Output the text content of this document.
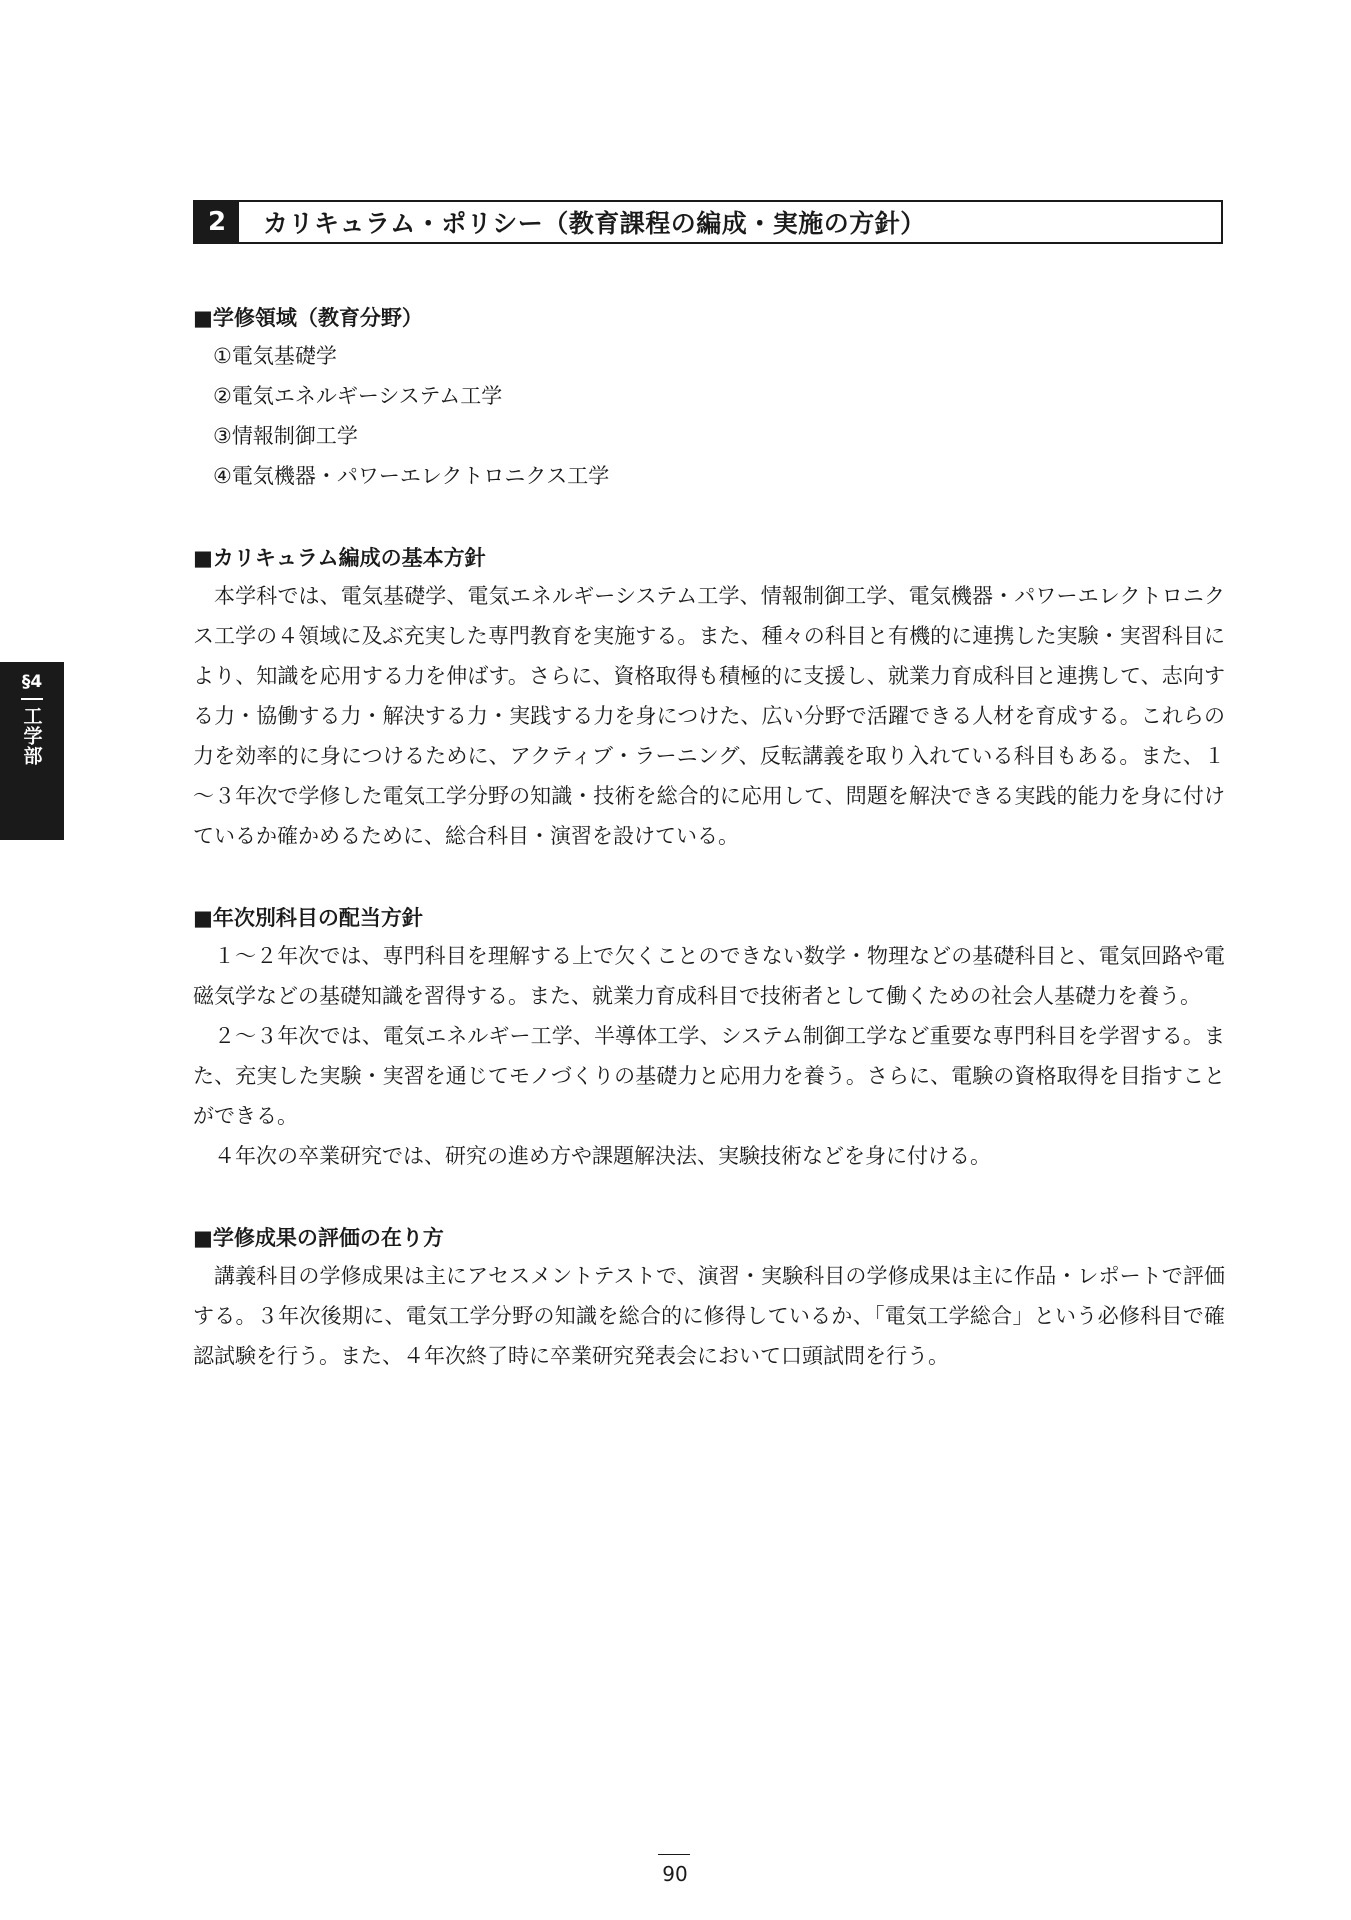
2	カリキュラム・ポリシー（教育課程の編成・実施の方針）
§4
工学部
■学修領域（教育分野）
①電気基礎学
②電気エネルギーシステム工学
③情報制御工学
④電気機器・パワーエレクトロニクス工学
■カリキュラム編成の基本方針

本学科では、電気基礎学、電気エネルギーシステム工学、情報制御工学、電気機器・パワーエレクトロニクス工学の４領域に及ぶ充実した専門教育を実施する。また、種々の科目と有機的に連携した実験・実習科目により、知識を応用する力を伸ばす。さらに、資格取得も積極的に支援し、就業力育成科目と連携して、志向する力・協働する力・解決する力・実践する力を身につけた、広い分野で活躍できる人材を育成する。これらの力を効率的に身につけるために、アクティブ・ラーニング、反転講義を取り入れている科目もある。また、１～３年次で学修した電気工学分野の知識・技術を総合的に応用して、問題を解決できる実践的能力を身に付けているか確かめるために、総合科目・演習を設けている。

■年次別科目の配当方針

１～２年次では、専門科目を理解する上で欠くことのできない数学・物理などの基礎科目と、電気回路や電磁気学などの基礎知識を習得する。また、就業力育成科目で技術者として働くための社会人基礎力を養う。

２～３年次では、電気エネルギー工学、半導体工学、システム制御工学など重要な専門科目を学習する。また、充実した実験・実習を通じてモノづくりの基礎力と応用力を養う。さらに、電験の資格取得を目指すことができる。

４年次の卒業研究では、研究の進め方や課題解決法、実験技術などを身に付ける。

■学修成果の評価の在り方

講義科目の学修成果は主にアセスメントテストで、演習・実験科目の学修成果は主に作品・レポートで評価する。３年次後期に、電気工学分野の知識を総合的に修得しているか、「電気工学総合」という必修科目で確認試験を行う。また、４年次終了時に卒業研究発表会において口頭試問を行う。

90
